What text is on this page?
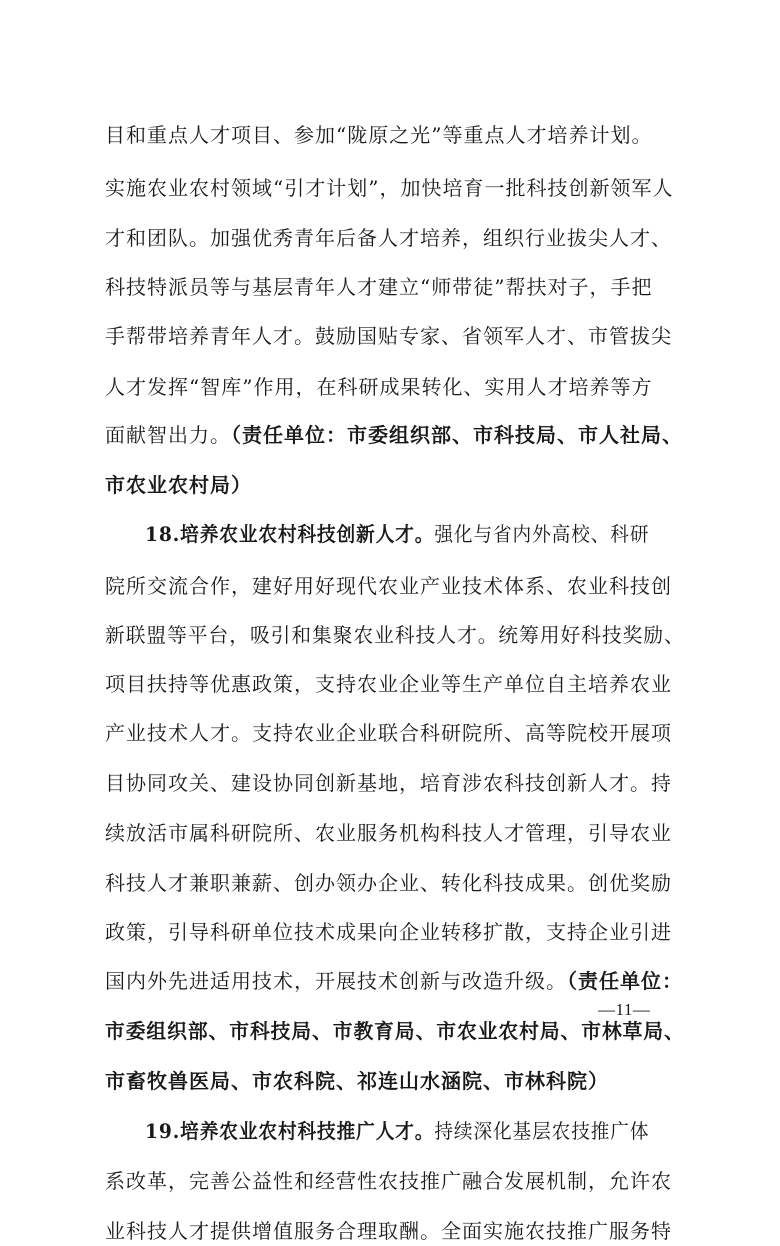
目和重点人才项目、参加“陇原之光”等重点人才培养计划。
实施农业农村领域“引才计划”，加快培育一批科技创新领军人
才和团队。加强优秀青年后备人才培养，组织行业拔尖人才、
科技特派员等与基层青年人才建立“师带徒”帮扶对子，手把
手帮带培养青年人才。鼓励国贴专家、省领军人才、市管拔尖
人才发挥“智库”作用，在科研成果转化、实用人才培养等方
面献智出力。（责任单位：市委组织部、市科技局、市人社局、
市农业农村局）
18.培养农业农村科技创新人才。强化与省内外高校、科研
院所交流合作，建好用好现代农业产业技术体系、农业科技创
新联盟等平台，吸引和集聚农业科技人才。统筹用好科技奖励、
项目扶持等优惠政策，支持农业企业等生产单位自主培养农业
产业技术人才。支持农业企业联合科研院所、高等院校开展项
目协同攻关、建设协同创新基地，培育涉农科技创新人才。持
续放活市属科研院所、农业服务机构科技人才管理，引导农业
科技人才兼职兼薪、创办领办企业、转化科技成果。创优奖励
政策，引导科研单位技术成果向企业转移扩散，支持企业引进
国内外先进适用技术，开展技术创新与改造升级。（责任单位：
市委组织部、市科技局、市教育局、市农业农村局、市林草局、
市畜牧兽医局、市农科院、祁连山水涵院、市林科院）
19.培养农业农村科技推广人才。持续深化基层农技推广体
系改革，完善公益性和经营性农技推广融合发展机制，允许农
业科技人才提供增值服务合理取酬。全面实施农技推广服务特
—11—
